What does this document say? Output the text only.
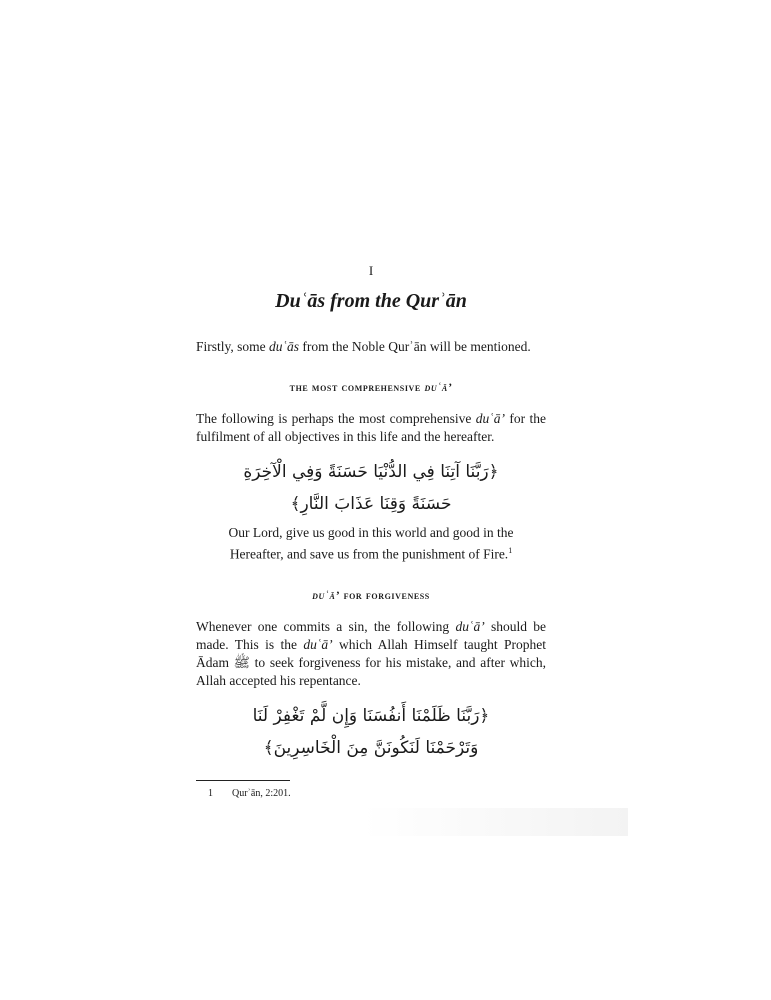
I

Duʿās from the Qurʾān

Firstly, some duʿās from the Noble Qurʾān will be mentioned.

the most comprehensive duʿā’

The following is perhaps the most comprehensive duʿā’ for the fulfilment of all objectives in this life and the hereafter.

﴿رَبَّنَا آتِنَا فِي الدُّنْيَا حَسَنَةً وَفِي الْآخِرَةِ
حَسَنَةً وَقِنَا عَذَابَ النَّارِ﴾

Our Lord, give us good in this world and good in the Hereafter, and save us from the punishment of Fire.$^1$

duʿā’ for forgiveness

Whenever one commits a sin, the following duʿā’ should be made. This is the duʿā’ which Allah Himself taught Prophet Ādam ﷺ to seek forgiveness for his mistake, and after which, Allah accepted his repentance.

﴿رَبَّنَا ظَلَمْنَا أَنفُسَنَا وَإِن لَّمْ تَغْفِرْ لَنَا
وَتَرْحَمْنَا لَنَكُونَنَّ مِنَ الْخَاسِرِينَ﴾

1 Qurʾān, 2:201.
